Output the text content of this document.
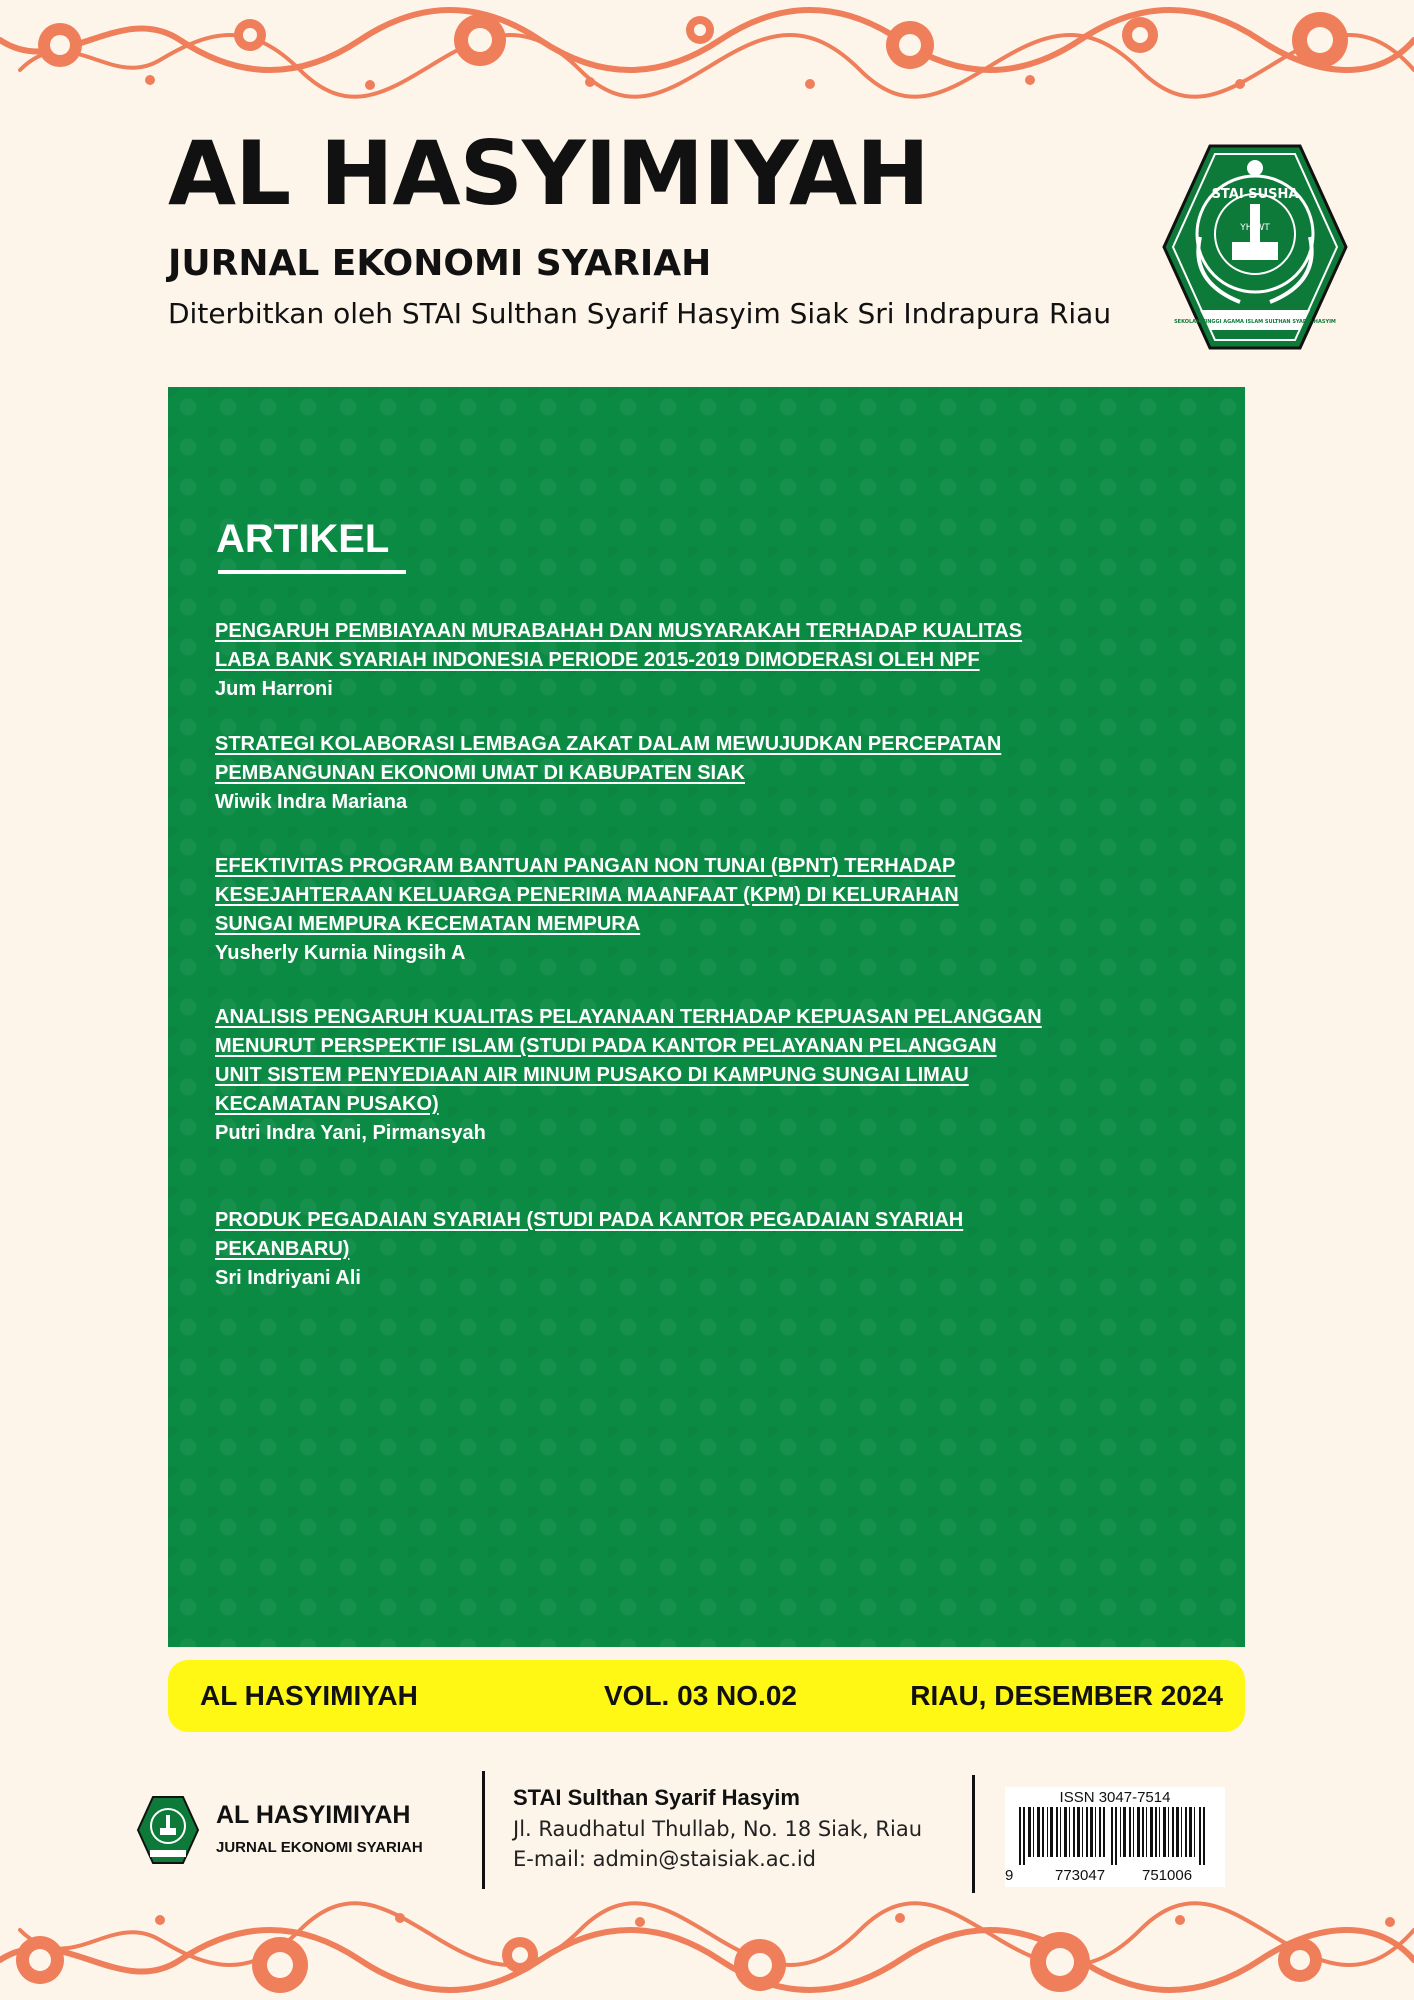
AL HASYIMIYAH
JURNAL EKONOMI SYARIAH
Diterbitkan oleh STAI Sulthan Syarif Hasyim Siak Sri Indrapura Riau
STAI SUSHA
YH WT
SEKOLAH TINGGI AGAMA ISLAM SULTHAN SYARIF HASYIM
ARTIKEL
PENGARUH PEMBIAYAAN MURABAHAH DAN MUSYARAKAH TERHADAP KUALITAS
LABA BANK SYARIAH INDONESIA PERIODE 2015-2019 DIMODERASI OLEH NPF
Jum Harroni
STRATEGI KOLABORASI LEMBAGA ZAKAT DALAM MEWUJUDKAN PERCEPATAN
PEMBANGUNAN EKONOMI UMAT DI KABUPATEN SIAK
Wiwik Indra Mariana
EFEKTIVITAS PROGRAM BANTUAN PANGAN NON TUNAI (BPNT) TERHADAP
KESEJAHTERAAN KELUARGA PENERIMA MAANFAAT (KPM) DI KELURAHAN
SUNGAI MEMPURA KECEMATAN MEMPURA
Yusherly Kurnia Ningsih A
ANALISIS PENGARUH KUALITAS PELAYANAAN TERHADAP KEPUASAN PELANGGAN
MENURUT PERSPEKTIF ISLAM (STUDI PADA KANTOR PELAYANAN PELANGGAN
UNIT SISTEM PENYEDIAAN AIR MINUM PUSAKO DI KAMPUNG SUNGAI LIMAU
KECAMATAN PUSAKO)
Putri Indra Yani, Pirmansyah
PRODUK PEGADAIAN SYARIAH (STUDI PADA KANTOR PEGADAIAN SYARIAH
PEKANBARU)
Sri Indriyani Ali
AL HASYIMIYAH	VOL. 03 NO.02	RIAU, DESEMBER 2024
AL HASYIMIYAH
JURNAL EKONOMI SYARIAH
STAI Sulthan Syarif Hasyim
Jl. Raudhatul Thullab, No. 18 Siak, Riau
E-mail: admin@staisiak.ac.id
ISSN 3047-7514
9	773047 751006
